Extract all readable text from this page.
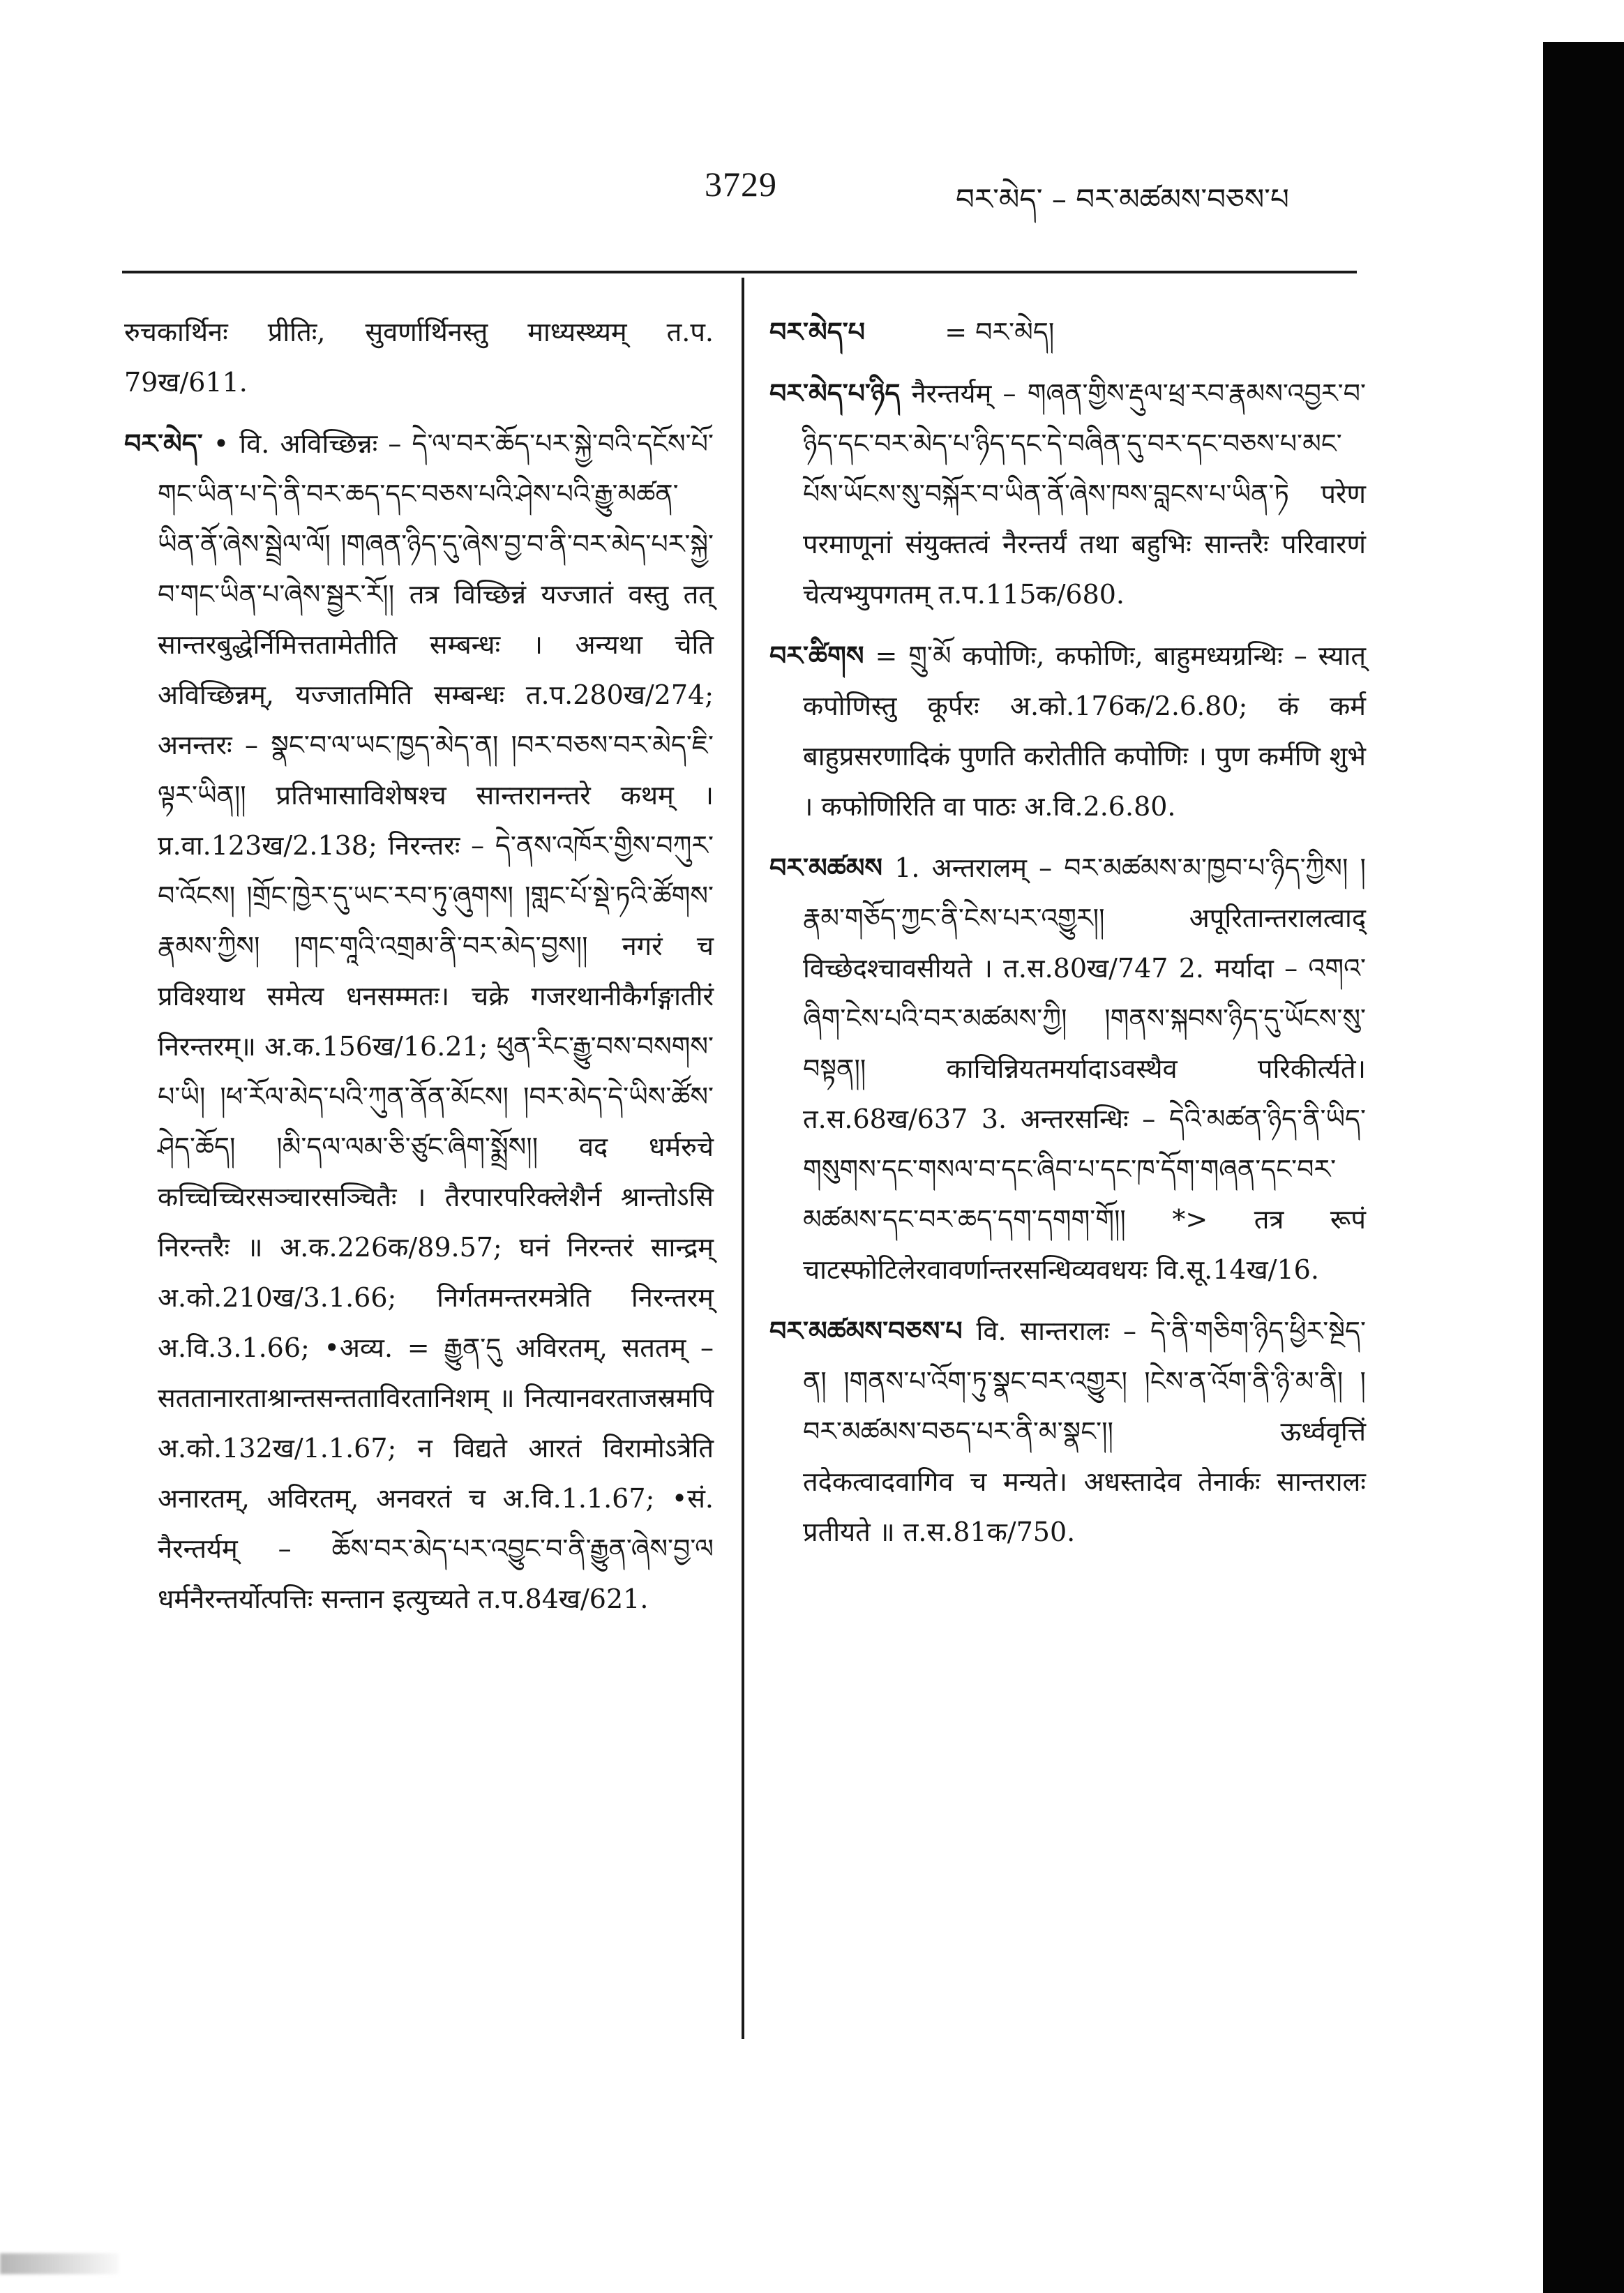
3729	བར་མེད་ – བར་མཚམས་བཅས་པ

रुचकार्थिनः प्रीतिः, सुवर्णार्थिनस्तु माध्यस्थ्यम् त.प. 79ख/611.

བར་མེད་ • वि. अविच्छिन्नः – དེ་ལ་བར་ཆོད་པར་སྐྱེ་བའི་དངོས་པོ་གང་ཡིན་པ་དེ་ནི་བར་ཆད་དང་བཅས་པའི་ཤེས་པའི་རྒྱུ་མཚན་ཡིན་ནོ་ཞེས་སྦྲེལ་ལོ། །གཞན་ཉིད་དུ་ཞེས་བྱ་བ་ནི་བར་མེད་པར་སྐྱེ་བ་གང་ཡིན་པ་ཞེས་སྦྱར་རོ།། तत्र विच्छिन्नं यज्जातं वस्तु तत् सान्तरबुद्धेर्निमित्ततामेतीति सम्बन्धः । अन्यथा चेति अविच्छिन्नम्, यज्जातमिति सम्बन्धः त.प.280ख/274; अनन्तरः – སྣང་བ་ལ་ཡང་ཁྱད་མེད་ན། །བར་བཅས་བར་མེད་ཇི་ལྟར་ཡིན།། प्रतिभासाविशेषश्च सान्तरानन्तरे कथम् । प्र.वा.123ख/2.138; निरन्तरः – དེ་ནས་འཁོར་གྱིས་བཀུར་བ་འོངས། །གྲོང་ཁྱེར་དུ་ཡང་རབ་ཏུ་ཞུགས། །གླང་པོ་སྡེ་ཏའི་ཚོགས་རྣམས་ཀྱིས། །གང་གཱའི་འགྲམ་ནི་བར་མེད་བྱས།། नगरं च प्रविश्याथ समेत्य धनसम्मतः। चक्रे गजरथानीकैर्गङ्गातीरं निरन्तरम्॥ अ.क.156ख/16.21; ཕུན་རིང་རྒྱུ་བས་བསགས་པ་ཡི། །ཕ་རོལ་མེད་པའི་ཀུན་ནོན་མོངས། །བར་མེད་དེ་ཡིས་ཚོས་ཤེད་ཆོད། །མི་དལ་ལམ་ཅི་ཙུང་ཞིག་སྨྲོས།། वद धर्मरुचे कच्चिच्चिरसञ्चारसञ्चितैः । तैरपारपरिक्लेशैर्न श्रान्तोऽसि निरन्तरैः ॥ अ.क.226क/89.57; घनं निरन्तरं सान्द्रम् अ.को.210ख/3.1.66; निर्गतमन्तरमत्रेति निरन्तरम् अ.वि.3.1.66; •अव्य. = རྒྱུན་དུ अविरतम्, सततम् – सततानारताश्रान्तसन्तताविरतानिशम् ॥ नित्यानवरताजस्रमपि अ.को.132ख/1.1.67; न विद्यते आरतं विरामोऽत्रेति अनारतम्, अविरतम्, अनवरतं च अ.वि.1.1.67; •सं. नैरन्तर्यम् – ཆོས་བར་མེད་པར་འབྱུང་བ་ནི་རྒྱུན་ཞེས་བྱ་ལ धर्मनैरन्तर्योत्पत्तिः सन्तान इत्युच्यते त.प.84ख/621.

བར་མེད་པ	= བར་མེད།

བར་མེད་པ་ཉིད नैरन्तर्यम् – གཞན་གྱིས་རྡུལ་ཕྲ་རབ་རྣམས་འབྱར་བ་ཉིད་དང་བར་མེད་པ་ཉིད་དང་དེ་བཞིན་དུ་བར་དང་བཅས་པ་མང་པོས་ཡོངས་སུ་བསྐོར་བ་ཡིན་ནོ་ཞེས་ཁས་བླངས་པ་ཡིན་ཏེ परेण परमाणूनां संयुक्तत्वं नैरन्तर्यं तथा बहुभिः सान्तरैः परिवारणं चेत्यभ्युपगतम् त.प.115क/680.

བར་ཚིགས = གྲུ་མོ कपोणिः, कफोणिः, बाहुमध्यग्रन्थिः – स्यात् कपोणिस्तु कूर्परः अ.को.176क/2.6.80; कं कर्म बाहुप्रसरणादिकं पुणति करोतीति कपोणिः । पुण कर्मणि शुभे । कफोणिरिति वा पाठः अ.वि.2.6.80.

བར་མཚམས 1. अन्तरालम् – བར་མཚམས་མ་ཁྱབ་པ་ཉིད་ཀྱིས། །རྣམ་གཅོད་ཀྱང་ནི་ངེས་པར་འགྱུར།། अपूरितान्तरालत्वाद् विच्छेदश्चावसीयते । त.स.80ख/747 2. मर्यादा – འགའ་ཞིག་ངེས་པའི་བར་མཚམས་ཀྱི། །གནས་སྐབས་ཉིད་དུ་ཡོངས་སུ་བསྟན།། काचिन्नियतमर्यादाऽवस्थैव परिकीर्त्यते। त.स.68ख/637 3. अन्तरसन्धिः – དེའི་མཚན་ཉིད་ནི་ཡིད་གསུགས་དང་གསལ་བ་དང་ཞིབ་པ་དང་ཁ་དོག་གཞན་དང་བར་མཚམས་དང་བར་ཆད་དག་དགག་གོ།། *> तत्र रूपं चाटस्फोटिलेरवावर्णान्तरसन्धिव्यवधयः वि.सू.14ख/16.

བར་མཚམས་བཅས་པ वि. सान्तरालः – དེ་ནི་གཅིག་ཉིད་ཕྱིར་སྔེད་ན། །གནས་པ་འོག་ཏུ་སྣང་བར་འགྱུར། །ངེས་ན་འོག་ནི་ཉི་མ་ནི། །བར་མཚམས་བཅད་པར་ནི་མ་སྣང་།། ऊर्ध्ववृत्तिं तदेकत्वादवागिव च मन्यते। अधस्तादेव तेनार्कः सान्तरालः प्रतीयते ॥ त.स.81क/750.
